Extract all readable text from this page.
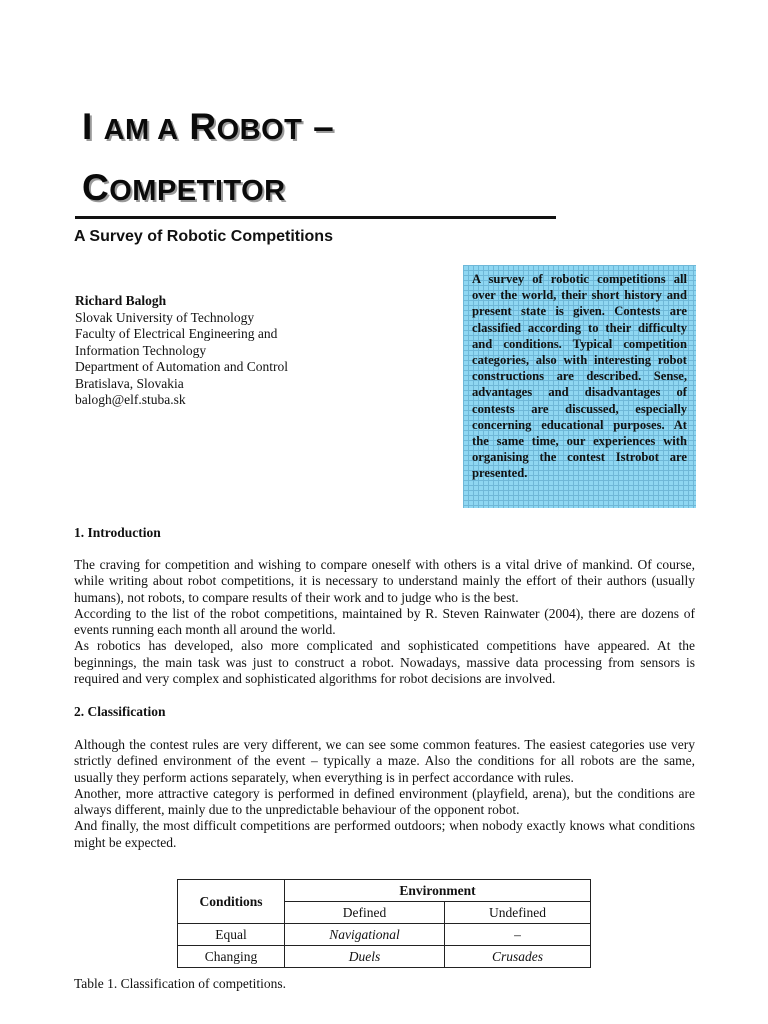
I AM A ROBOT –
COMPETITOR
A Survey of Robotic Competitions
Richard Balogh
Slovak University of Technology
Faculty of Electrical Engineering and
Information Technology
Department of Automation and Control
Bratislava, Slovakia
balogh@elf.stuba.sk
A survey of robotic competitions all over the world, their short history and present state is given. Contests are classified according to their difficulty and conditions. Typical competition categories, also with interesting robot constructions are described. Sense, advantages and disadvantages of contests are discussed, especially concerning educational purposes. At the same time, our experiences with organising the contest Istrobot are presented.
1. Introduction

The craving for competition and wishing to compare oneself with others is a vital drive of mankind. Of course, while writing about robot competitions, it is necessary to understand mainly the effort of their authors (usually humans), not robots, to compare results of their work and to judge who is the best.

According to the list of the robot competitions, maintained by R. Steven Rainwater (2004), there are dozens of events running each month all around the world.

As robotics has developed, also more complicated and sophisticated competitions have appeared. At the beginnings, the main task was just to construct a robot. Nowadays, massive data processing from sensors is required and very complex and sophisticated algorithms for robot decisions are involved.

2. Classification

Although the contest rules are very different, we can see some common features. The easiest categories use very strictly defined environment of the event – typically a maze. Also the conditions for all robots are the same, usually they perform actions separately, when everything is in perfect accordance with rules.

Another, more attractive category is performed in defined environment (playfield, arena), but the conditions are always different, mainly due to the unpredictable behaviour of the opponent robot.

And finally, the most difficult competitions are performed outdoors; when nobody exactly knows what conditions might be expected.

Conditions	Environment	
	Defined	Undefined
Equal	Navigational	–
Changing	Duels	Crusades
Table 1. Classification of competitions.
